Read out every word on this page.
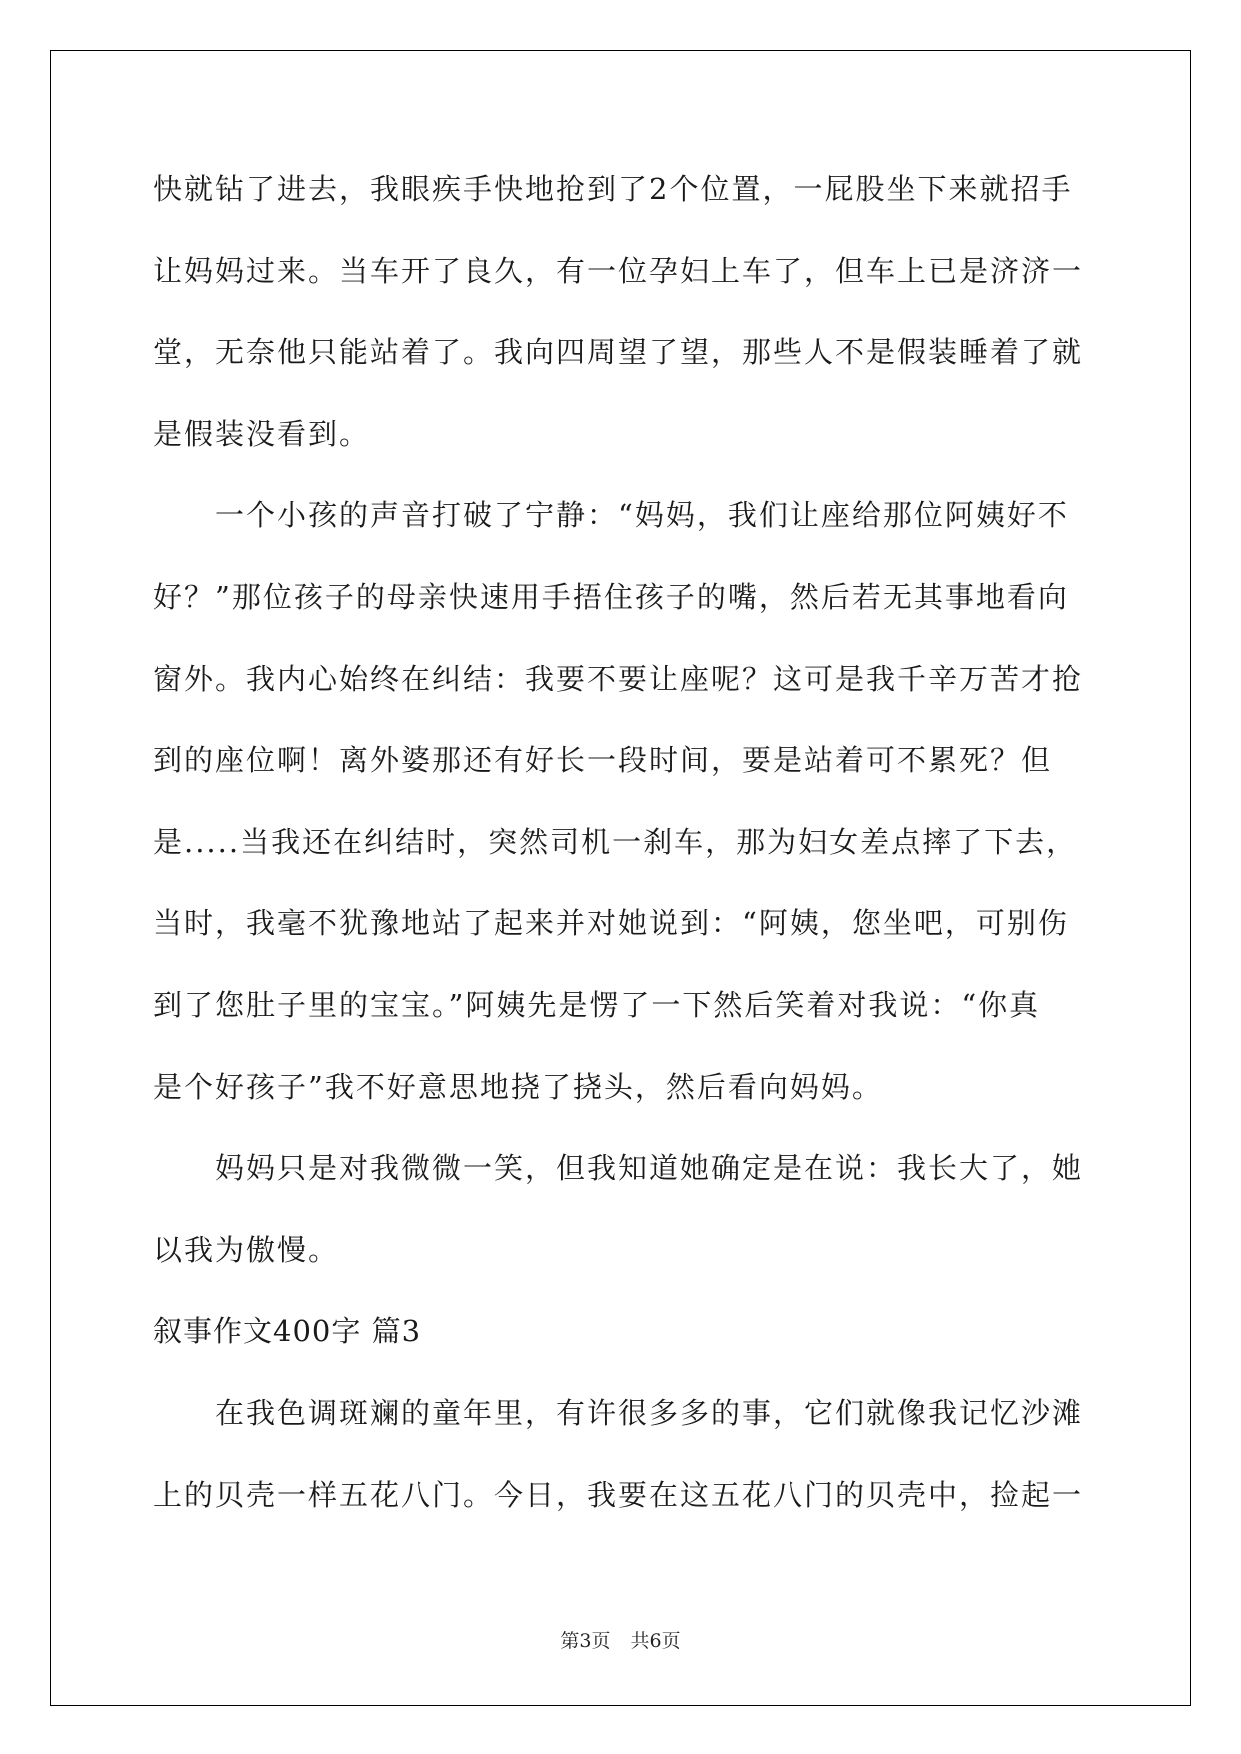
快就钻了进去，我眼疾手快地抢到了2个位置，一屁股坐下来就招手
让妈妈过来。当车开了良久，有一位孕妇上车了，但车上已是济济一
堂，无奈他只能站着了。我向四周望了望，那些人不是假装睡着了就
是假装没看到。
一个小孩的声音打破了宁静：“妈妈，我们让座给那位阿姨好不
好？”那位孩子的母亲快速用手捂住孩子的嘴，然后若无其事地看向
窗外。我内心始终在纠结：我要不要让座呢？这可是我千辛万苦才抢
到的座位啊！离外婆那还有好长一段时间，要是站着可不累死？但
是.....当我还在纠结时，突然司机一刹车，那为妇女差点摔了下去，
当时，我毫不犹豫地站了起来并对她说到：“阿姨，您坐吧，可别伤
到了您肚子里的宝宝。”阿姨先是愣了一下然后笑着对我说：“你真
是个好孩子”我不好意思地挠了挠头，然后看向妈妈。
妈妈只是对我微微一笑，但我知道她确定是在说：我长大了，她
以我为傲慢。
叙事作文400字 篇3
在我色调斑斓的童年里，有许很多多的事，它们就像我记忆沙滩
上的贝壳一样五花八门。今日，我要在这五花八门的贝壳中，捡起一
第3页 共6页
